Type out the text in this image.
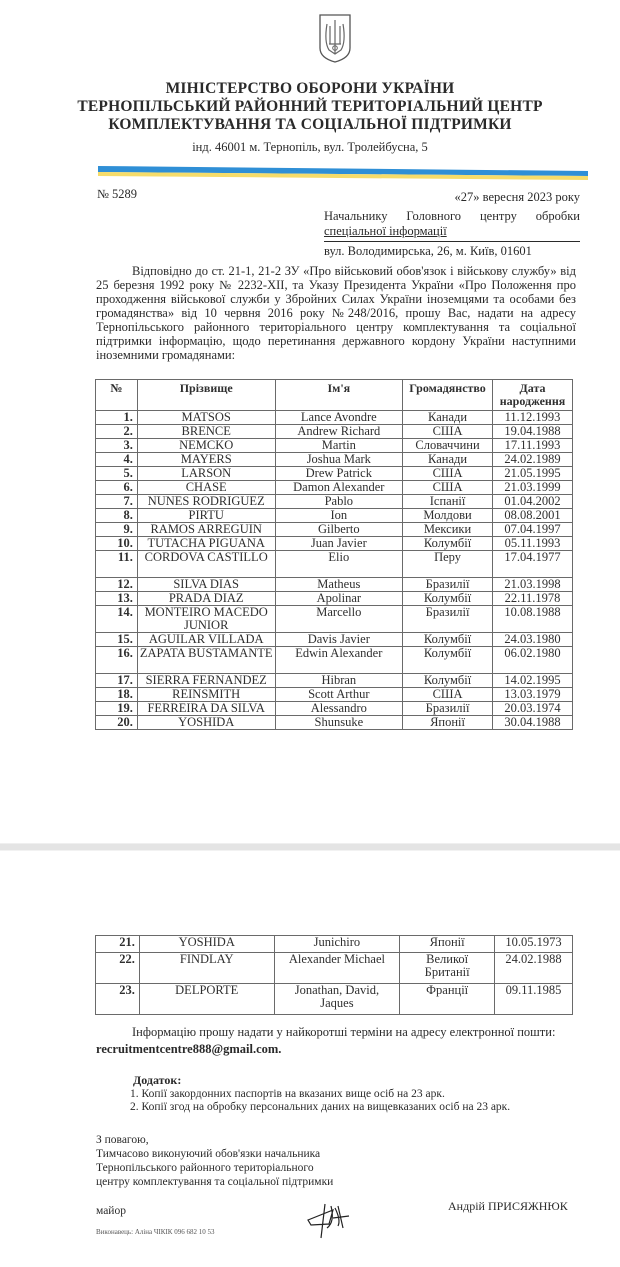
МІНІСТЕРСТВО ОБОРОНИ УКРАЇНИ
ТЕРНОПІЛЬСЬКИЙ РАЙОННИЙ ТЕРИТОРІАЛЬНИЙ ЦЕНТР
КОМПЛЕКТУВАННЯ ТА СОЦІАЛЬНОЇ ПІДТРИМКИ
інд. 46001 м. Тернопіль, вул. Тролейбусна, 5
№ 5289	«27» вересня 2023 року
Начальнику Головного центру обробки
спеціальної інформації
вул. Володимирська, 26, м. Київ, 01601
Відповідно до ст. 21-1, 21-2 ЗУ «Про військовий обов'язок і військову службу» від 25 березня 1992 року № 2232-XII, та Указу Президента України «Про Положення про проходження військової служби у Збройних Силах України іноземцями та особами без громадянства» від 10 червня 2016 року №248/2016, прошу Вас, надати на адресу Тернопільського районного територіального центру комплектування та соціальної підтримки інформацію, щодо перетинання державного кордону України наступними іноземними громадянами:
№	Прізвище	Ім'я	Громадянство	Дата народження
1.	MATSOS	Lance Avondre	Канади	11.12.1993
2.	BRENCE	Andrew Richard	США	19.04.1988
3.	NEMCKO	Martin	Словаччини	17.11.1993
4.	MAYERS	Joshua Mark	Канади	24.02.1989
5.	LARSON	Drew Patrick	США	21.05.1995
6.	CHASE	Damon Alexander	США	21.03.1999
7.	NUNES RODRIGUEZ	Pablo	Іспанії	01.04.2002
8.	PIRTU	Ion	Молдови	08.08.2001
9.	RAMOS ARREGUIN	Gilberto	Мексики	07.04.1997
10.	TUTACHA PIGUANA	Juan Javier	Колумбії	05.11.1993
11.	CORDOVA CASTILLO	Elio	Перу	17.04.1977
12.	SILVA DIAS	Matheus	Бразилії	21.03.1998
13.	PRADA DIAZ	Apolinar	Колумбії	22.11.1978
14.	MONTEIRO MACEDO JUNIOR	Marcello	Бразилії	10.08.1988
15.	AGUILAR VILLADA	Davis Javier	Колумбії	24.03.1980
16.	ZAPATA BUSTAMANTE	Edwin Alexander	Колумбії	06.02.1980
17.	SIERRA FERNANDEZ	Hibran	Колумбії	14.02.1995
18.	REINSMITH	Scott Arthur	США	13.03.1979
19.	FERREIRA DA SILVA	Alessandro	Бразилії	20.03.1974
20.	YOSHIDA	Shunsuke	Японії	30.04.1988
21.	YOSHIDA	Junichiro	Японії	10.05.1973
22.	FINDLAY	Alexander Michael	Великої Британії	24.02.1988
23.	DELPORTE	Jonathan, David, Jaques	Франції	09.11.1985
Інформацію прошу надати у найкоротші терміни на адресу електронної пошти:
recruitmentcentre888@gmail.com.
Додаток:
1. Копії закордонних паспортів на вказаних вище осіб на 23 арк.
2. Копії згод на обробку персональних даних на вищевказаних осіб на 23 арк.
З повагою,
Тимчасово виконуючий обов'язки начальника
Тернопільського районного територіального
центру комплектування та соціальної підтримки
майор
Виконавець: Аліна ЧІКІК 096 682 10 53
Андрій ПРИСЯЖНЮК
